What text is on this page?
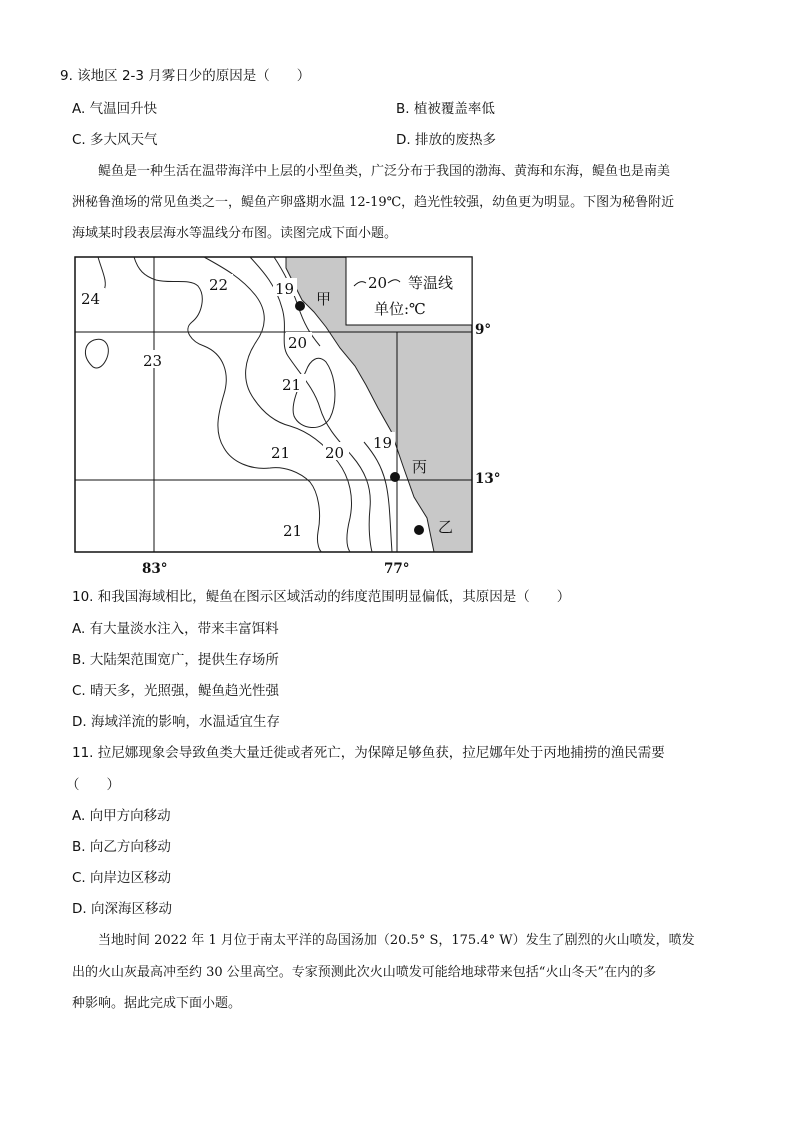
9. 该地区 2-3 月雾日少的原因是（　　）
A. 气温回升快	B. 植被覆盖率低
C. 多大风天气	D. 排放的废热多
鳀鱼是一种生活在温带海洋中上层的小型鱼类，广泛分布于我国的渤海、黄海和东海，鳀鱼也是南美
洲秘鲁渔场的常见鱼类之一，鳀鱼产卵盛期水温 12-19℃，趋光性较强，幼鱼更为明显。下图为秘鲁附近
海域某时段表层海水等温线分布图。读图完成下面小题。
20 等温线
单位:℃
24
22	19
23
20
21
21 20
19
21
甲
丙
乙
9°
13°
83°	77°
10. 和我国海域相比，鳀鱼在图示区域活动的纬度范围明显偏低，其原因是（　　）
A. 有大量淡水注入，带来丰富饵料
B. 大陆架范围宽广，提供生存场所
C. 晴天多，光照强，鳀鱼趋光性强
D. 海域洋流的影响，水温适宜生存
11. 拉尼娜现象会导致鱼类大量迁徙或者死亡，为保障足够鱼获，拉尼娜年处于丙地捕捞的渔民需要
（　　）
A. 向甲方向移动
B. 向乙方向移动
C. 向岸边区移动
D. 向深海区移动
当地时间 2022 年 1 月位于南太平洋的岛国汤加（20.5° S，175.4° W）发生了剧烈的火山喷发，喷发
出的火山灰最高冲至约 30 公里高空。专家预测此次火山喷发可能给地球带来包括“火山冬天”在内的多
种影响。据此完成下面小题。
